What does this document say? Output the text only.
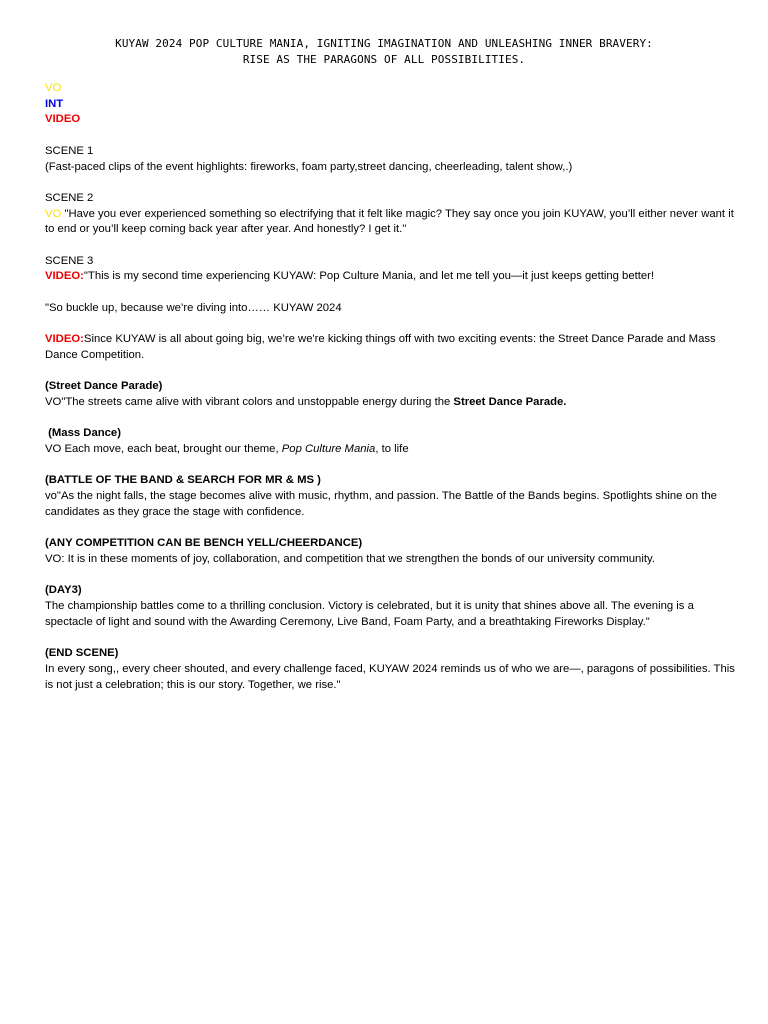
KUYAW 2024 POP CULTURE MANIA, IGNITING IMAGINATION AND UNLEASHING INNER BRAVERY:
RISE AS THE PARAGONS OF ALL POSSIBILITIES.

VO

INT

VIDEO

SCENE 1

(Fast-paced clips of the event highlights: fireworks, foam party,street dancing, cheerleading, talent show,.)

SCENE 2

VO "Have you ever experienced something so electrifying that it felt like magic? They say once you join KUYAW, you’ll either never want it to end or you’ll keep coming back year after year. And honestly? I get it."

SCENE 3

VIDEO:"This is my second time experiencing KUYAW: Pop Culture Mania, and let me tell you—it just keeps getting better!

"So buckle up, because we’re diving into…… KUYAW 2024

VIDEO:Since KUYAW is all about going big, we’re we're kicking things off with two exciting events: the Street Dance Parade and Mass Dance Competition.

(Street Dance Parade)

VO"The streets came alive with vibrant colors and unstoppable energy during the Street Dance Parade.

(Mass Dance)

VO Each move, each beat, brought our theme, Pop Culture Mania, to life

(BATTLE OF THE BAND & SEARCH FOR MR & MS )

vo"As the night falls, the stage becomes alive with music, rhythm, and passion. The Battle of the Bands begins. Spotlights shine on the candidates as they grace the stage with confidence.

(ANY COMPETITION CAN BE BENCH YELL/CHEERDANCE)

VO: It is in these moments of joy, collaboration, and competition that we strengthen the bonds of our university community.

(DAY3)

The championship battles come to a thrilling conclusion. Victory is celebrated, but it is unity that shines above all. The evening is a spectacle of light and sound with the Awarding Ceremony, Live Band, Foam Party, and a breathtaking Fireworks Display."

(END SCENE)

In every song,, every cheer shouted, and every challenge faced, KUYAW 2024 reminds us of who we are—, paragons of possibilities. This is not just a celebration; this is our story. Together, we rise."
